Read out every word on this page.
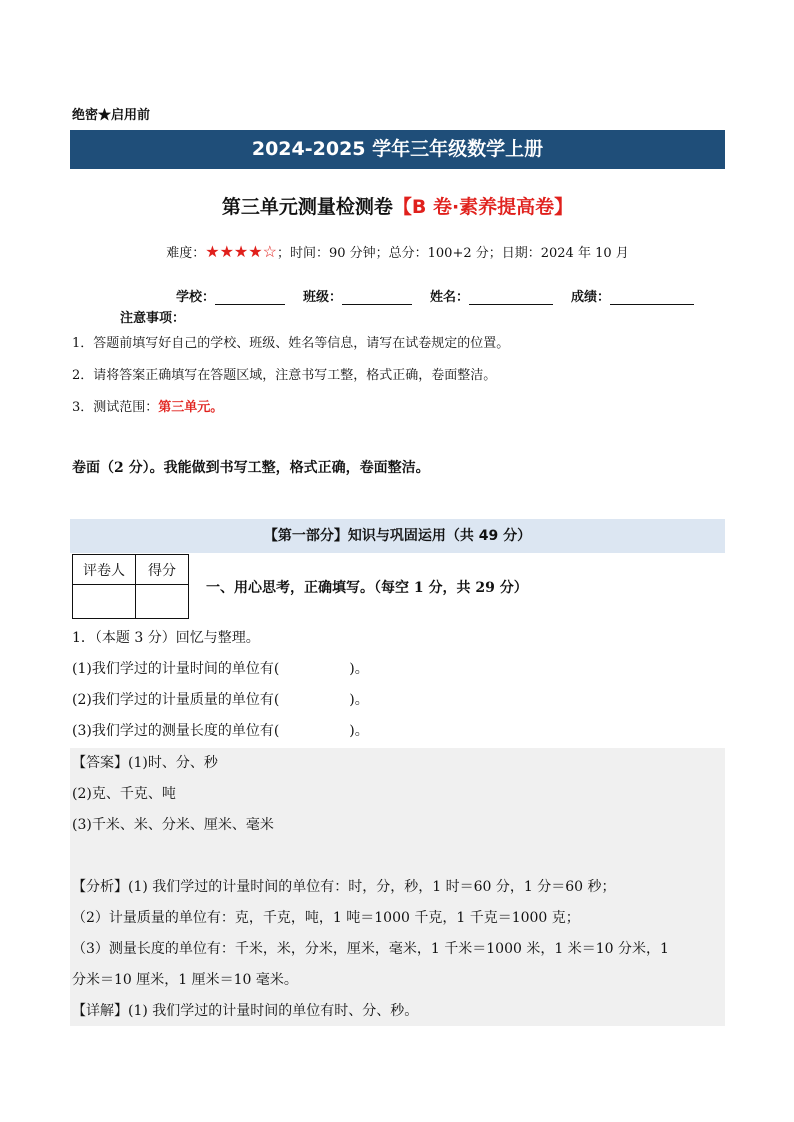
绝密★启用前
2024-2025 学年三年级数学上册
第三单元测量检测卷【B 卷·素养提高卷】
难度：★★★★☆；时间：90 分钟；总分：100+2 分；日期：2024 年 10 月
学校：	班级：	姓名：	成绩：
注意事项：
1．答题前填写好自己的学校、班级、姓名等信息，请写在试卷规定的位置。
2．请将答案正确填写在答题区域，注意书写工整，格式正确，卷面整洁。
3．测试范围：第三单元。
卷面（2 分）。我能做到书写工整，格式正确，卷面整洁。
【第一部分】知识与巩固运用（共 49 分）
评卷人	得分

一、用心思考，正确填写。（每空 1 分，共 29 分）
1．（本题 3 分）回忆与整理。
(1)我们学过的计量时间的单位有(　　　　　)。
(2)我们学过的计量质量的单位有(　　　　　)。
(3)我们学过的测量长度的单位有(　　　　　)。
【答案】(1)时、分、秒
(2)克、千克、吨
(3)千米、米、分米、厘米、毫米
【分析】(1) 我们学过的计量时间的单位有：时，分，秒，1 时＝60 分，1 分＝60 秒；
（2）计量质量的单位有：克，千克，吨，1 吨＝1000 千克，1 千克＝1000 克；
（3）测量长度的单位有：千米，米，分米，厘米，毫米，1 千米＝1000 米，1 米＝10 分米，1
分米＝10 厘米，1 厘米＝10 毫米。
【详解】(1) 我们学过的计量时间的单位有时、分、秒。
